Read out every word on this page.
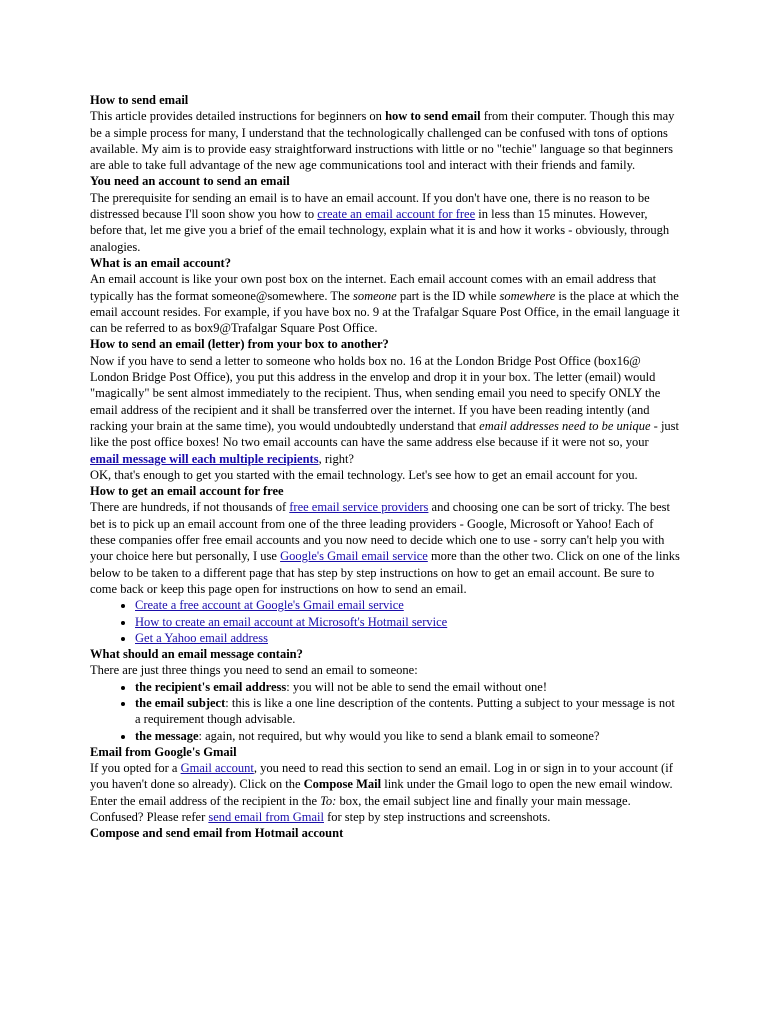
How to send email

This article provides detailed instructions for beginners on how to send email from their computer. Though this may be a simple process for many, I understand that the technologically challenged can be confused with tons of options available. My aim is to provide easy straightforward instructions with little or no "techie" language so that beginners are able to take full advantage of the new age communications tool and interact with their friends and family.

You need an account to send an email

The prerequisite for sending an email is to have an email account. If you don't have one, there is no reason to be distressed because I'll soon show you how to create an email account for free in less than 15 minutes. However, before that, let me give you a brief of the email technology, explain what it is and how it works - obviously, through analogies.

What is an email account?

An email account is like your own post box on the internet. Each email account comes with an email address that typically has the format someone@somewhere. The someone part is the ID while somewhere is the place at which the email account resides. For example, if you have box no. 9 at the Trafalgar Square Post Office, in the email language it can be referred to as box9@Trafalgar Square Post Office.

How to send an email (letter) from your box to another?

Now if you have to send a letter to someone who holds box no. 16 at the London Bridge Post Office (box16@ London Bridge Post Office), you put this address in the envelop and drop it in your box. The letter (email) would "magically" be sent almost immediately to the recipient. Thus, when sending email you need to specify ONLY the email address of the recipient and it shall be transferred over the internet. If you have been reading intently (and racking your brain at the same time), you would undoubtedly understand that email addresses need to be unique - just like the post office boxes! No two email accounts can have the same address else because if it were not so, your email message will each multiple recipients, right?

OK, that's enough to get you started with the email technology. Let's see how to get an email account for you.

How to get an email account for free

There are hundreds, if not thousands of free email service providers and choosing one can be sort of tricky. The best bet is to pick up an email account from one of the three leading providers - Google, Microsoft or Yahoo! Each of these companies offer free email accounts and you now need to decide which one to use - sorry can't help you with your choice here but personally, I use Google's Gmail email service more than the other two. Click on one of the links below to be taken to a different page that has step by step instructions on how to get an email account. Be sure to come back or keep this page open for instructions on how to send an email.

• Create a free account at Google's Gmail email service
• How to create an email account at Microsoft's Hotmail service
• Get a Yahoo email address
What should an email message contain?

There are just three things you need to send an email to someone:

• the recipient's email address: you will not be able to send the email without one!
• the email subject: this is like a one line description of the contents. Putting a subject to your message is not a requirement though advisable.
• the message: again, not required, but why would you like to send a blank email to someone?
Email from Google's Gmail

If you opted for a Gmail account, you need to read this section to send an email. Log in or sign in to your account (if you haven't done so already). Click on the Compose Mail link under the Gmail logo to open the new email window. Enter the email address of the recipient in the To: box, the email subject line and finally your main message. Confused? Please refer send email from Gmail for step by step instructions and screenshots.

Compose and send email from Hotmail account
